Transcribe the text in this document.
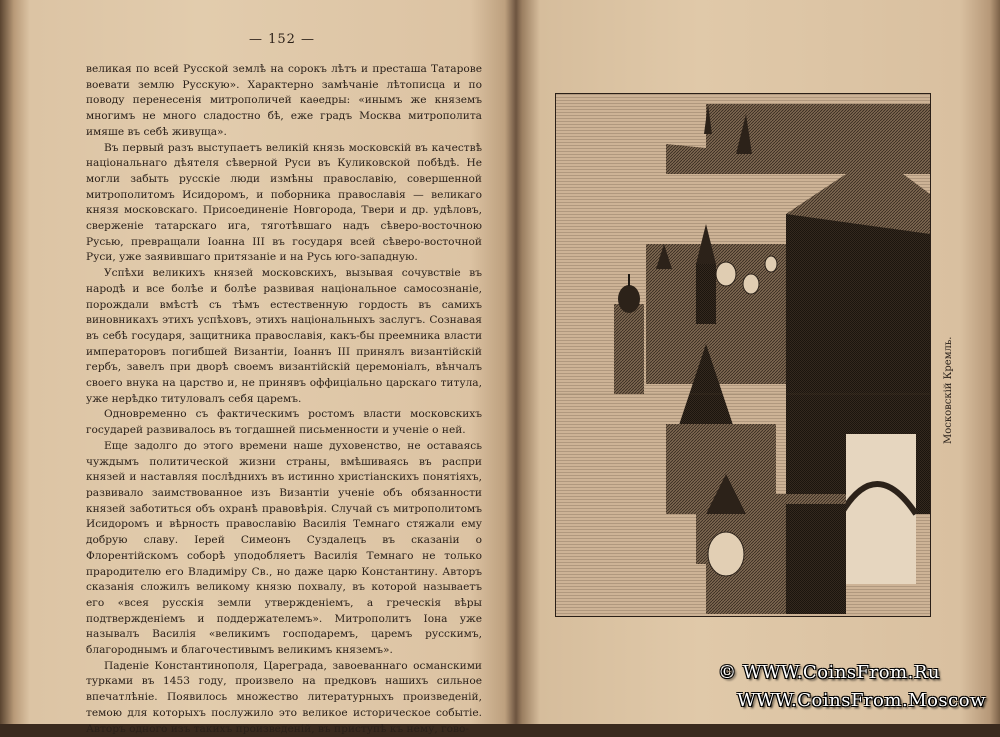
— 152 —

великая по всей Русской землѣ на сорокъ лѣтъ и престаша Татарове воевати землю Русскую». Характерно замѣчаніе лѣтописца и по поводу перенесенія митрополичей каѳедры: «инымъ же княземъ многимъ не много сладостно бѣ, еже градъ Москва митрополита имяше въ себѣ живуща».

Въ первый разъ выступаетъ великій князь московскій въ качествѣ національнаго дѣятеля сѣверной Руси въ Куликовской побѣдѣ. Не могли забыть русскіе люди измѣны православію, совершенной митрополитомъ Исидоромъ, и поборника православія — великаго князя московскаго. Присоединеніе Новгорода, Твери и др. удѣловъ, свержeніе татарскаго ига, тяготѣвшаго надъ сѣверо-восточною Русью, превращали Іоанна III въ государя всей сѣверо-восточной Руси, уже заявившаго притязаніе и на Русь юго-западную.

Успѣхи великихъ князей московскихъ, вызывая сочувствіе въ народѣ и все болѣе и болѣе развивая національное самосознаніе, порождали вмѣстѣ съ тѣмъ естественную гордость въ самихъ виновникахъ этихъ успѣховъ, этихъ національныхъ заслугъ. Сознавая въ себѣ государя, защитника православія, какъ-бы преемника власти императоровъ погибшей Византіи, Іоаннъ III принялъ византійскій гербъ, завелъ при дворѣ своемъ византійскій церемоніалъ, вѣнчалъ своего внука на царство и, не принявъ оффиціально царскаго титула, уже нерѣдко титуловалъ себя царемъ.

Одновременно съ фактическимъ ростомъ власти московскихъ государей развивалось въ тогдашней письменности и ученіе о ней.

Еще задолго до этого времени наше духовенство, не оставаясь чуждымъ политической жизни страны, вмѣшиваясь въ распри князей и наставляя послѣднихъ въ истинно христіанскихъ понятіяхъ, развивало заимствованное изъ Византіи ученіе объ обязанности князей заботиться объ охранѣ правовѣрія. Случай съ митрополитомъ Исидоромъ и вѣрность православію Василія Темнаго стяжали ему добрую славу. Іерей Симеонъ Суздалецъ въ сказаніи о Флорентійскомъ соборѣ уподобляетъ Василія Темнаго не только прародителю его Владиміру Св., но даже царю Константину. Авторъ сказанія сложилъ великому князю похвалу, въ которой называетъ его «всея русскія земли утвержденіемъ, а греческія вѣры подтвержденіемъ и поддержателемъ». Митрополитъ Іона уже называлъ Василія «великимъ господаремъ, царемъ русскимъ, благороднымъ и благочестивымъ великимъ княземъ».

Паденіе Константинополя, Цареграда, завоеваннаго османскими турками въ 1453 году, произвело на предковъ нашихъ сильное впечатлѣніе. Появилось множество литературныхъ произведеній, темою для которыхъ послужило это великое историческое событіе. Авторъ одного изъ такихъ произведеній, въ приступѣ къ нему, гово-

Московскій Кремль.
© WWW.CoinsFrom.Ru
WWW.CoinsFrom.Moscow
